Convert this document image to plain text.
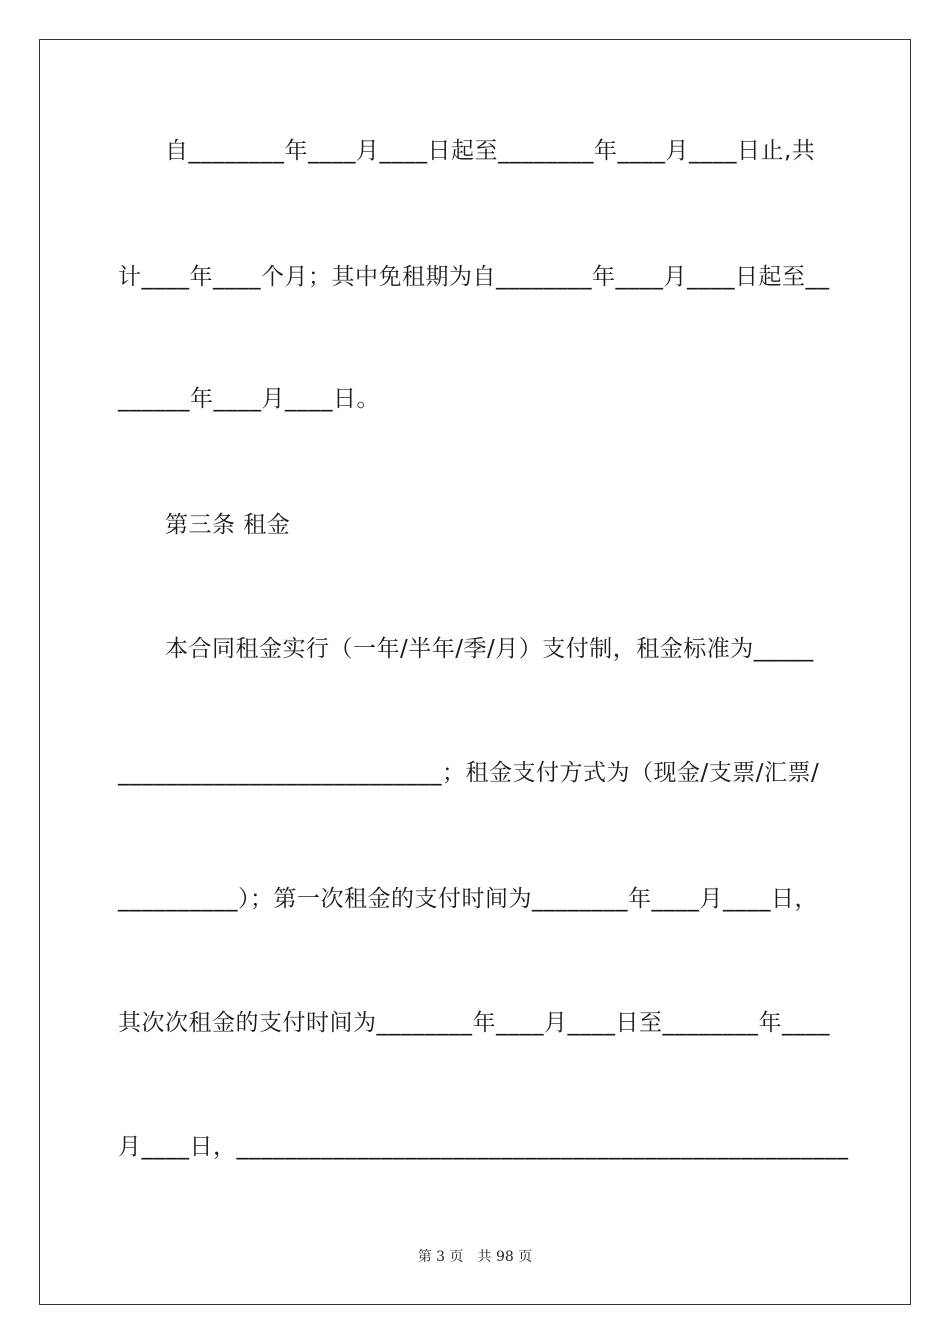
自________年____月____日起至________年____月____日止,共
计____年____个月；其中免租期为自________年____月____日起至__
______年____月____日。
第三条 租金
本合同租金实行（一年/半年/季/月）支付制，租金标准为_____
___________________________；租金支付方式为（现金/支票/汇票/
__________）；第一次租金的支付时间为________年____月____日，
其次次租金的支付时间为________年____月____日至________年____
月____日，___________________________________________________
第 3 页　共 98 页
